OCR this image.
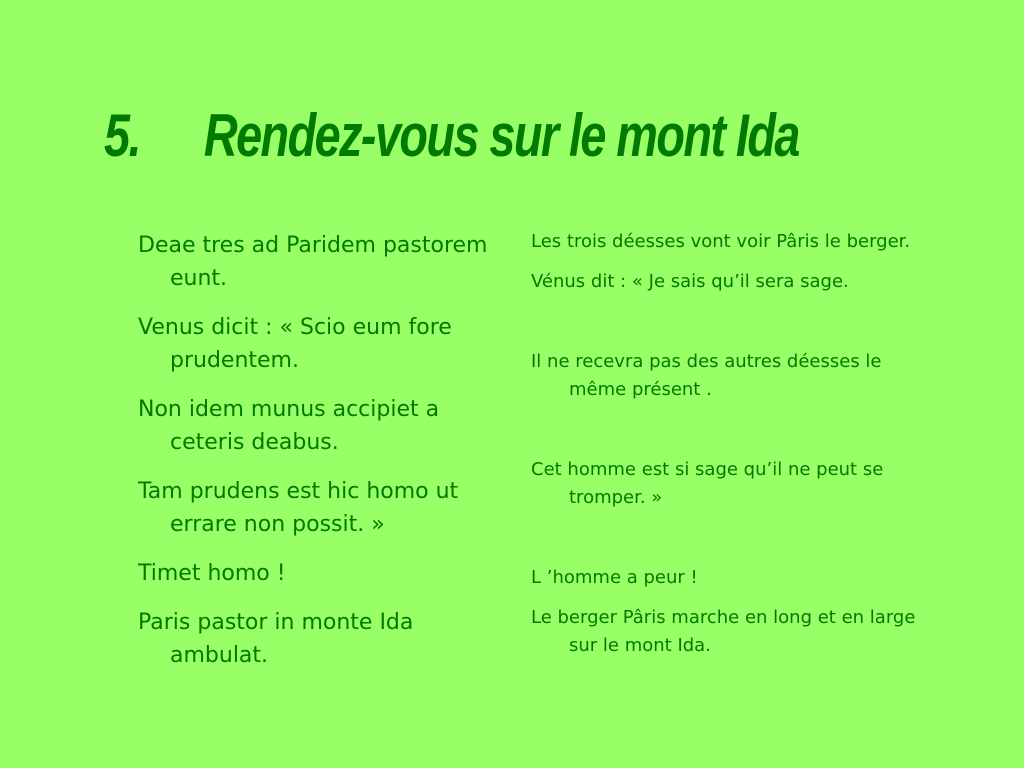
5. Rendez-vous sur le mont Ida

Deae tres ad Paridem pastorem eunt.

Venus dicit : « Scio eum fore prudentem.

Non idem munus accipiet a ceteris deabus.

Tam prudens est hic homo ut errare non possit. »

Timet homo !

Paris pastor in monte Ida ambulat.

Les trois déesses vont voir Pâris le berger.

Vénus dit : « Je sais qu’il sera sage.

Il ne recevra pas des autres déesses le même présent .

Cet homme est si sage qu’il ne peut se tromper. »

L ’homme a peur !

Le berger Pâris marche en long et en large sur le mont Ida.
